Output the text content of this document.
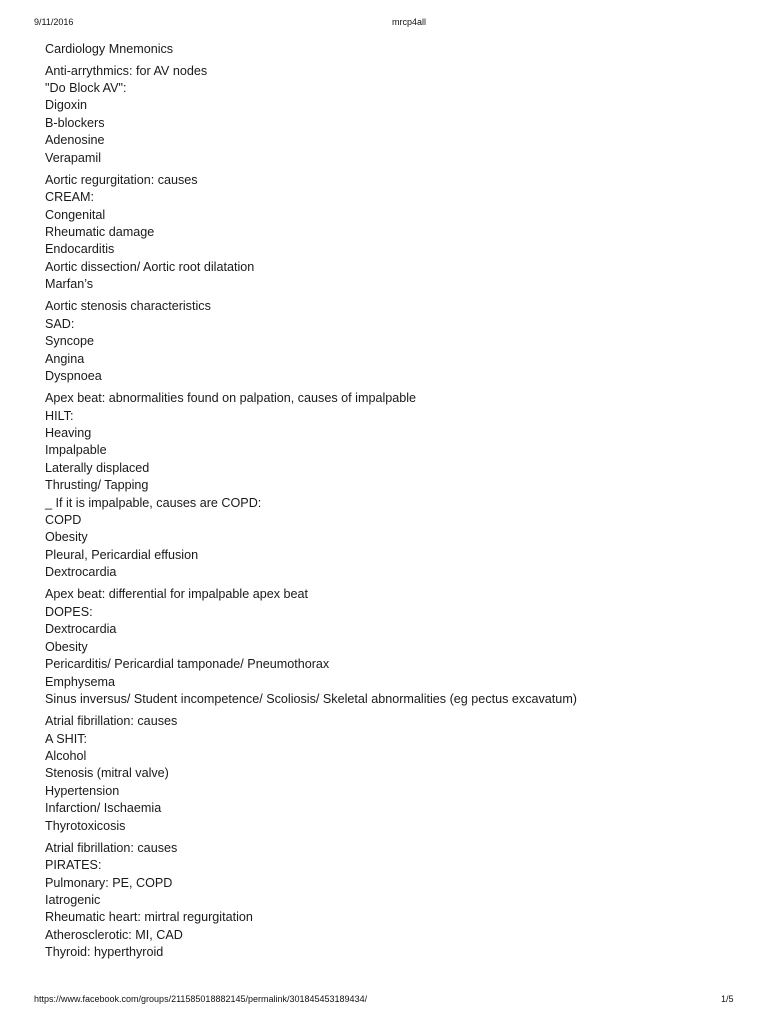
9/11/2016	mrcp4all
Cardiology Mnemonics
Anti-arrythmics: for AV nodes
"Do Block AV":
Digoxin
B-blockers
Adenosine
Verapamil
Aortic regurgitation: causes
CREAM:
Congenital
Rheumatic damage
Endocarditis
Aortic dissection/ Aortic root dilatation
Marfan’s
Aortic stenosis characteristics
SAD:
Syncope
Angina
Dyspnoea
Apex beat: abnormalities found on palpation, causes of impalpable
HILT:
Heaving
Impalpable
Laterally displaced
Thrusting/ Tapping
_ If it is impalpable, causes are COPD:
COPD
Obesity
Pleural, Pericardial effusion
Dextrocardia
Apex beat: differential for impalpable apex beat
DOPES:
Dextrocardia
Obesity
Pericarditis/ Pericardial tamponade/ Pneumothorax
Emphysema
Sinus inversus/ Student incompetence/ Scoliosis/ Skeletal abnormalities (eg pectus excavatum)
Atrial fibrillation: causes
A SHIT:
Alcohol
Stenosis (mitral valve)
Hypertension
Infarction/ Ischaemia
Thyrotoxicosis
Atrial fibrillation: causes
PIRATES:
Pulmonary: PE, COPD
Iatrogenic
Rheumatic heart: mirtral regurgitation
Atherosclerotic: MI, CAD
Thyroid: hyperthyroid
https://www.facebook.com/groups/211585018882145/permalink/301845453189434/	1/5
